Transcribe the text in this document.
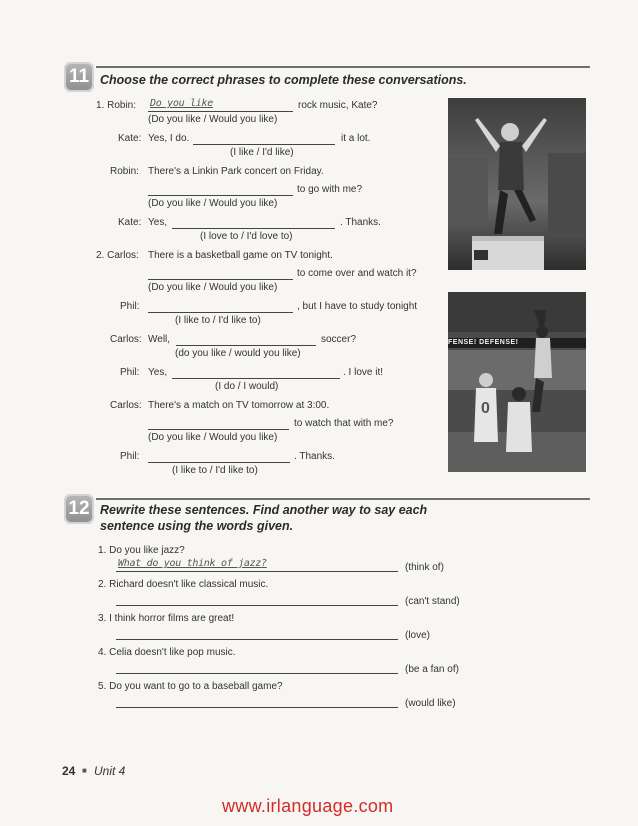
11 Choose the correct phrases to complete these conversations.
1. Robin: Do you like	rock music, Kate?
(Do you like / Would you like)
Kate: Yes, I do.	it a lot.
(I like / I'd like)
Robin: There's a Linkin Park concert on Friday.
to go with me?
(Do you like / Would you like)
Kate: Yes,	. Thanks.
(I love to / I'd love to)
2. Carlos: There is a basketball game on TV tonight.
to come over and watch it?
(Do you like / Would you like)
Phil:	, but I have to study tonight
(I like to / I'd like to)
Carlos: Well,	soccer?
(do you like / would you like)
Phil: Yes,	. I love it!
(I do / I would)
Carlos: There's a match on TV tomorrow at 3:00.
to watch that with me?
(Do you like / Would you like)
Phil:	. Thanks.
(I like to / I'd like to)
FENSE! DEFENSE!
0
12 Rewrite these sentences. Find another way to say each
sentence using the words given.
1. Do you like jazz?
What do you think of jazz?	(think of)
2. Richard doesn't like classical music.
(can't stand)
3. I think horror films are great!
(love)
4. Celia doesn't like pop music.
(be a fan of)
5. Do you want to go to a baseball game?
(would like)
24 ■ Unit 4
www.irlanguage.com
